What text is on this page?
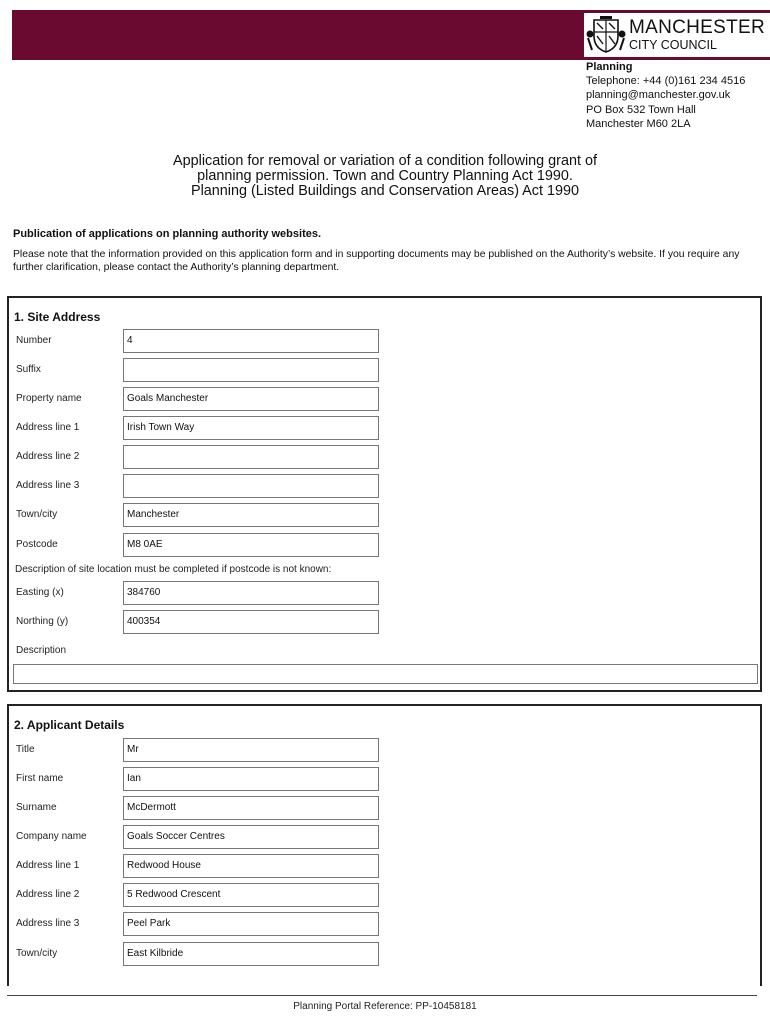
MANCHESTER
CITY COUNCIL
Planning
Telephone: +44 (0)161 234 4516
planning@manchester.gov.uk
PO Box 532 Town Hall
Manchester M60 2LA
Application for removal or variation of a condition following grant of
planning permission. Town and Country Planning Act 1990.
Planning (Listed Buildings and Conservation Areas) Act 1990
Publication of applications on planning authority websites.
Please note that the information provided on this application form and in supporting documents may be published on the Authority’s website. If you require any further clarification, please contact the Authority’s planning department.
1. Site Address
Number	4
Suffix
Property name	Goals Manchester
Address line 1	Irish Town Way
Address line 2
Address line 3
Town/city	Manchester
Postcode	M8 0AE
Description of site location must be completed if postcode is not known:
Easting (x)	384760
Northing (y)	400354
Description
2. Applicant Details
Title	Mr
First name	Ian
Surname	McDermott
Company name	Goals Soccer Centres
Address line 1	Redwood House
Address line 2	5 Redwood Crescent
Address line 3	Peel Park
Town/city	East Kilbride
Planning Portal Reference: PP-10458181
